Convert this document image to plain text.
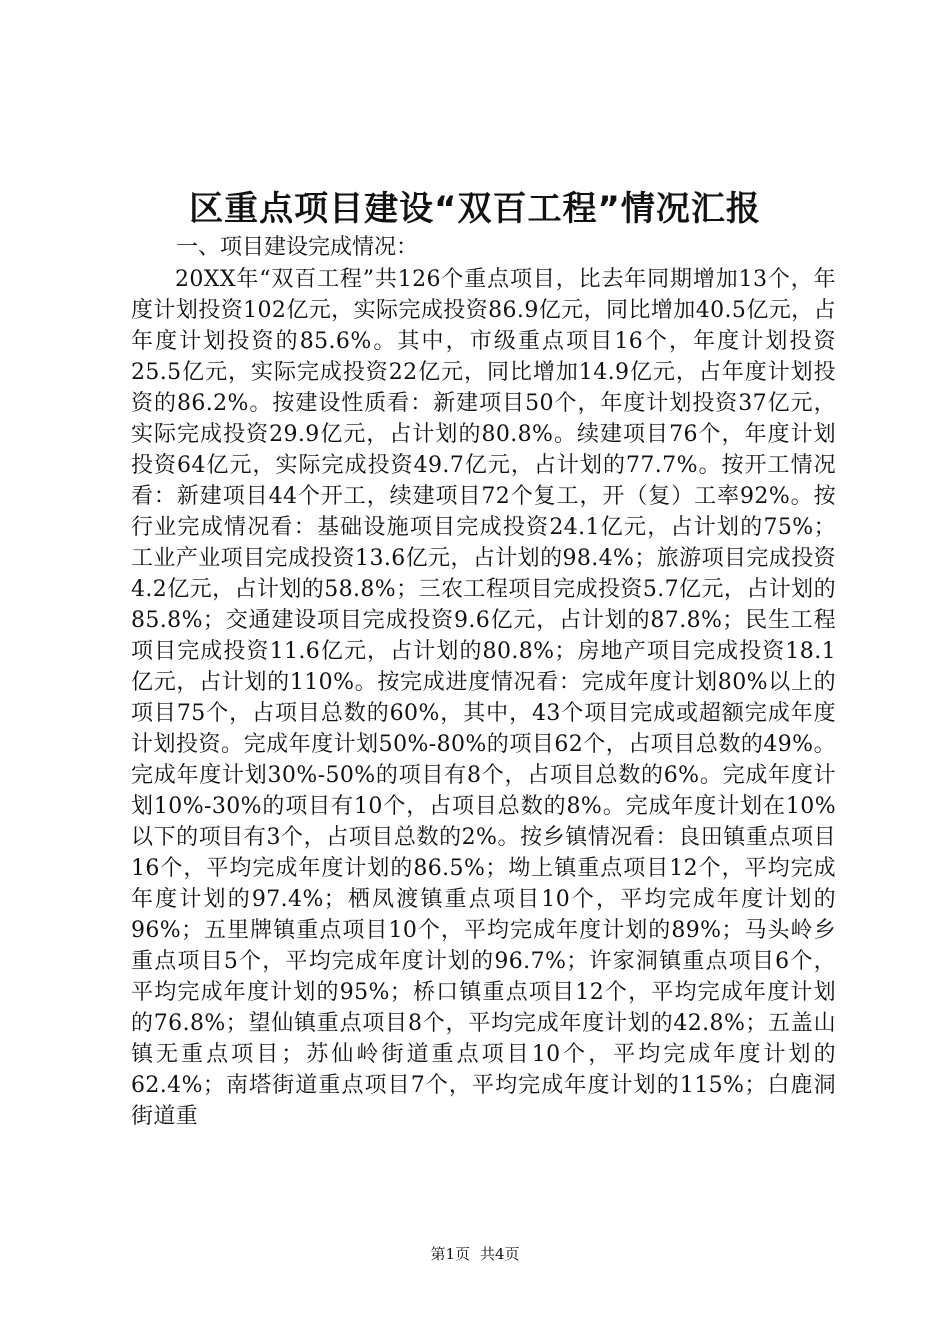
区重点项目建设“双百工程”情况汇报

一、项目建设完成情况：

20XX年“双百工程”共126个重点项目，比去年同期增加13个，年度计划投资102亿元，实际完成投资86.9亿元，同比增加40.5亿元，占年度计划投资的85.6%。其中，市级重点项目16个，年度计划投资25.5亿元，实际完成投资22亿元，同比增加14.9亿元，占年度计划投资的86.2%。按建设性质看：新建项目50个，年度计划投资37亿元，实际完成投资29.9亿元，占计划的80.8%。续建项目76个，年度计划投资64亿元，实际完成投资49.7亿元，占计划的77.7%。按开工情况看：新建项目44个开工，续建项目72个复工，开（复）工率92%。按行业完成情况看：基础设施项目完成投资24.1亿元，占计划的75%；工业产业项目完成投资13.6亿元，占计划的98.4%；旅游项目完成投资4.2亿元，占计划的58.8%；三农工程项目完成投资5.7亿元，占计划的85.8%；交通建设项目完成投资9.6亿元，占计划的87.8%；民生工程项目完成投资11.6亿元，占计划的80.8%；房地产项目完成投资18.1亿元，占计划的110%。按完成进度情况看：完成年度计划80%以上的项目75个，占项目总数的60%，其中，43个项目完成或超额完成年度计划投资。完成年度计划50%-80%的项目62个，占项目总数的49%。完成年度计划30%-50%的项目有8个，占项目总数的6%。完成年度计划10%-30%的项目有10个，占项目总数的8%。完成年度计划在10%以下的项目有3个，占项目总数的2%。按乡镇情况看：良田镇重点项目16个，平均完成年度计划的86.5%；坳上镇重点项目12个，平均完成年度计划的97.4%；栖凤渡镇重点项目10个，平均完成年度计划的96%；五里牌镇重点项目10个，平均完成年度计划的89%；马头岭乡重点项目5个，平均完成年度计划的96.7%；许家洞镇重点项目6个，平均完成年度计划的95%；桥口镇重点项目12个，平均完成年度计划的76.8%；望仙镇重点项目8个，平均完成年度计划的42.8%；五盖山镇无重点项目；苏仙岭街道重点项目10个，平均完成年度计划的62.4%；南塔街道重点项目7个，平均完成年度计划的115%；白鹿洞街道重

第1页 共4页
